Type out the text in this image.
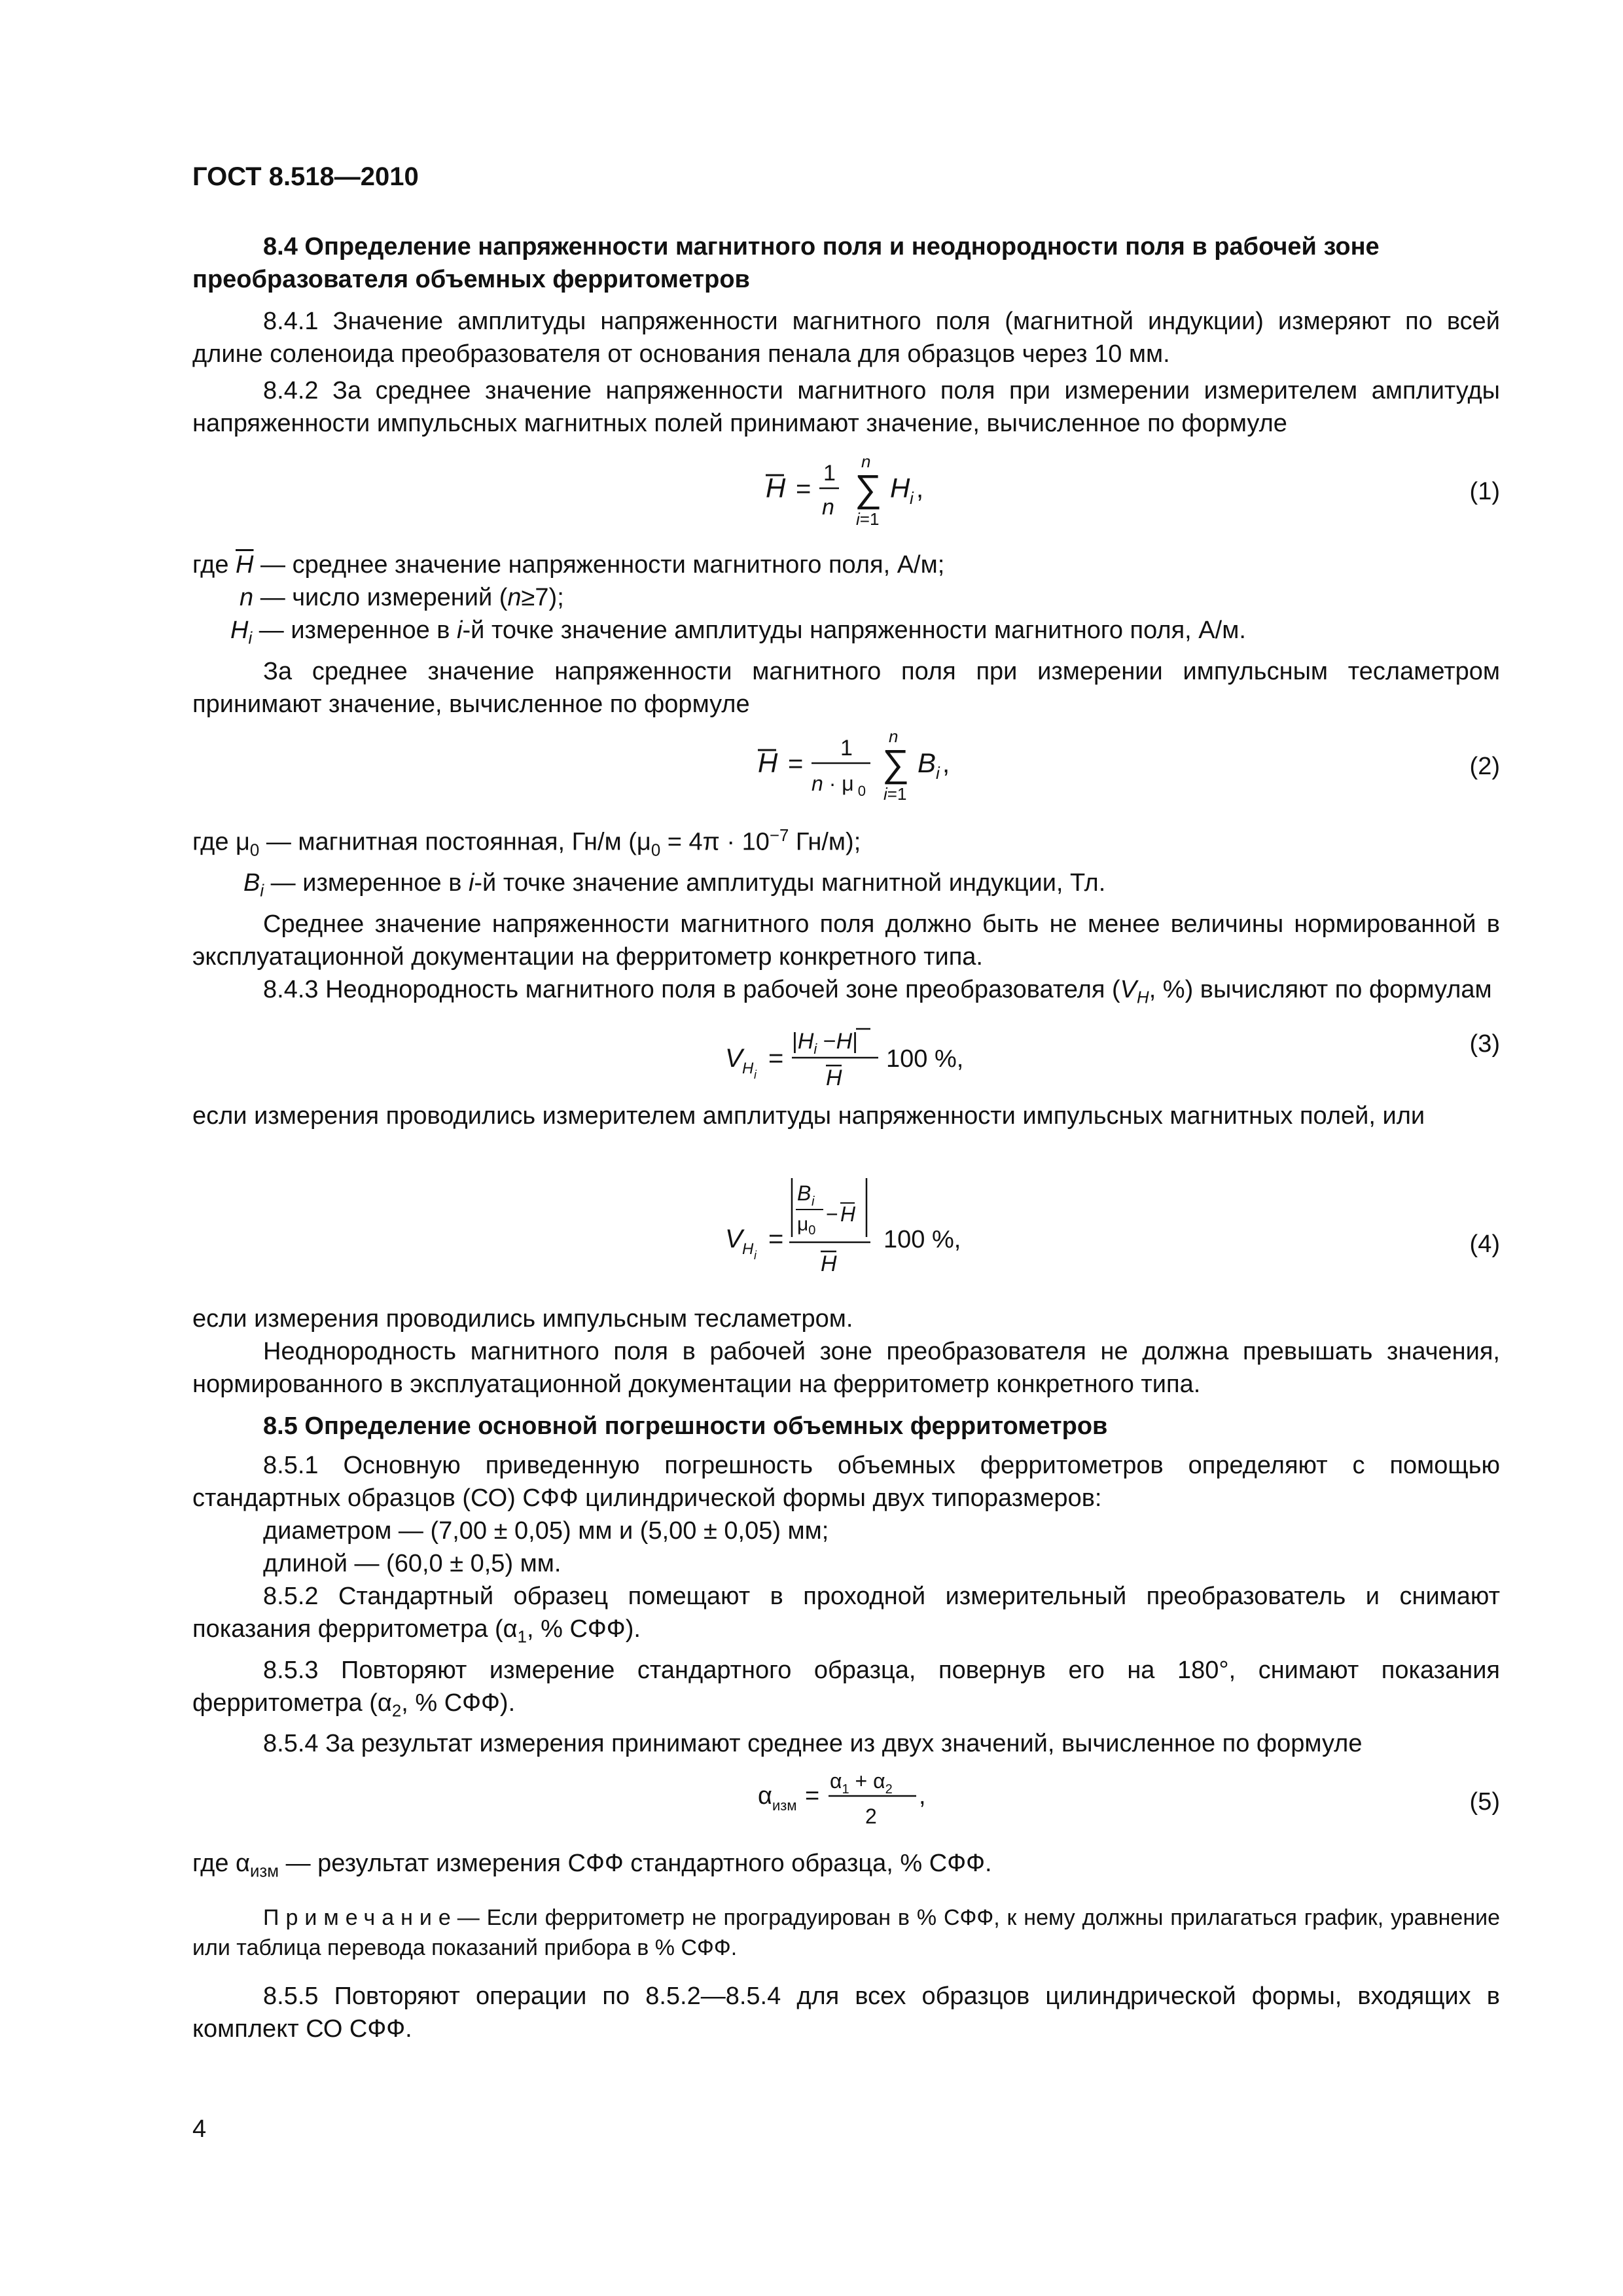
ГОСТ 8.518—2010
8.4 Определение напряженности магнитного поля и неоднородности поля в рабочей зоне преобразователя объемных ферритометров
8.4.1 Значение амплитуды напряженности магнитного поля (магнитной индукции) измеряют по всей длине соленоида преобразователя от основания пенала для образцов через 10 мм.
8.4.2 За среднее значение напряженности магнитного поля при измерении измерителем амплитуды напряженности импульсных магнитных полей принимают значение, вычисленное по формуле
H =
1
n ∑
n
i=1
H i ,	(1)
где $\overline{H}$ — среднее значение напряженности магнитного поля, А/м;
n — число измерений (n≥7);
$H_i$ — измеренное в i-й точке значение амплитуды напряженности магнитного поля, А/м.
За среднее значение напряженности магнитного поля при измерении импульсным тесламетром принимают значение, вычисленное по формуле
H =
1
n · μ $_0$
∑
n
i=1
B i ,	(2)
где $\mu_0$ — магнитная постоянная, Гн/м ($\mu_0 = 4\pi \cdot 10^{-7}$ Гн/м);
$B_i$ — измеренное в i-й точке значение амплитуды магнитной индукции, Тл.
Среднее значение напряженности магнитного поля должно быть не менее величины нормированной в эксплуатационной документации на ферритометр конкретного типа.
8.4.3 Неоднородность магнитного поля в рабочей зоне преобразователя ($V_H$, %) вычисляют по формулам
V H i
=
$|H_i -H|$
H
100 %,
(3)
если измерения проводились измерителем амплитуды напряженности импульсных магнитных полей, или
V H i
=
B i
$\mu_0$
− H
H
100 %,	(4)
если измерения проводились импульсным тесламетром.
Неоднородность магнитного поля в рабочей зоне преобразователя не должна превышать значения, нормированного в эксплуатационной документации на ферритометр конкретного типа.
8.5 Определение основной погрешности объемных ферритометров
8.5.1 Основную приведенную погрешность объемных ферритометров определяют с помощью стандартных образцов (СО) СФФ цилиндрической формы двух типоразмеров:
диаметром — (7,00 ± 0,05) мм и (5,00 ± 0,05) мм;
длиной — (60,0 ± 0,5) мм.
8.5.2 Стандартный образец помещают в проходной измерительный преобразователь и снимают показания ферритометра ($\alpha_1$, % СФФ).
8.5.3 Повторяют измерение стандартного образца, повернув его на 180°, снимают показания ферритометра ($\alpha_2$, % СФФ).
8.5.4 За результат измерения принимают среднее из двух значений, вычисленное по формуле
α изм =
$\alpha_1 + \alpha_2$
2
,	(5)
где $\alpha_{изм}$ — результат измерения СФФ стандартного образца, % СФФ.
Примечание— Если ферритометр не проградуирован в % СФФ, к нему должны прилагаться график, уравнение или таблица перевода показаний прибора в % СФФ.
8.5.5 Повторяют операции по 8.5.2—8.5.4 для всех образцов цилиндрической формы, входящих в комплект СО СФФ.
4
